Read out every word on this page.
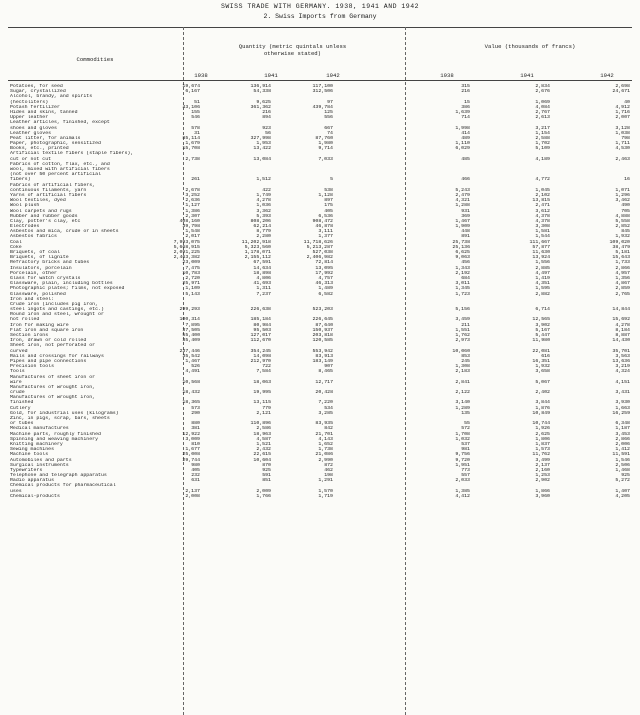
SWISS TRADE WITH GERMANY. 1938, 1941 AND 1942
2. Swiss Imports from Germany
Commodities
Quantity (metric quintals unless otherwise stated)
Value (thousands of francs)
1938	1941	1942	1938	1941	1942
Potatoes, for seed	19,674	136,914	117,100	315	2,834	2,698
Sugar, crystallized	6,167	54,338	312,506	216	2,676	24,671
Alcohol, brandy, and spirits
(hectoliters)	51	9,625	97	15	1,069	40
Potash fertilizer	43,106	361,362	439,784	386	4,084	4,912
Hides and skins, tanned	155	216	125	1,639	2,767	1,716
Upper leather	546	894	556	714	2,613	2,007
Leather articles, finished, except
shoes and gloves	578	923	667	1,998	3,217	3,128
Leather gloves	31	56	74	414	1,154	1,038
Peat litter, for animals	85,114	327,998	87,760	489	2,588	798
Paper, photographic, sensitized	1,679	1,953	1,980	1,110	1,702	1,711
Books, etc., printed	15,708	13,422	9,714	6,029	5,109	4,530
Artificial textile fibers (staple fibers),
cut or not cut	2,738	13,084	7,033	485	4,189	2,463
Fabrics of cotton, flax, etc., and
wool, mixed with artificial fibers
(not over 50 percent artificial
fibers)	261	1,512	5	466	4,772	16
Fabrics of artificial fibers,
continuous filaments, yarn	2,678	422	538	5,243	1,045	1,071
Yarns of artificial fibers	3,252	1,749	1,128	2,479	2,102	1,296
Wool textiles, dyed	2,636	4,278	897	4,321	13,815	3,462
Wool plush	1,127	1,036	175	1,288	2,471	490
Wool carpets and rugs	1,386	3,362	405	931	3,612	705
Rubber and rubber goods	2,307	5,393	6,536	369	4,378	4,888
Clay, potter's clay, etc	408,160	808,206	908,472	1,467	4,378	5,558
Electrodes	39,798	62,214	46,878	1,909	3,308	2,852
Asbestos and mica, crude or in sheets	1,548	8,779	3,111	448	1,581	845
Asbestos fabrics	2,017	2,280	1,377	891	1,544	1,932
Coal	7,993,075	11,202,918	11,718,626	25,738	111,667	109,020
Coke	5,668,915	5,323,560	5,213,287	25,136	57,877	38,479
Briquets, of coal	2,091,225	1,178,071	527,038	6,625	11,630	5,181
Briquets, of lignite	2,463,382	2,155,112	2,406,982	9,063	13,924	15,643
Refractory bricks and tubes	23,009	67,591	72,814	456	1,556	1,733
Insulators, porcelain	7,475	14,634	13,095	1,343	2,885	2,866
Porcelain, other	10,783	18,898	17,992	2,192	4,497	4,957
Glass for watch crystals	2,720	4,806	4,757	684	1,419	1,356
Glassware, plain, including bottles	25,971	41,693	46,313	3,011	4,351	4,867
Photographic plates; films, not exposed	1,109	1,311	1,489	1,345	1,595	2,859
Glassware, polished	5,143	7,237	6,582	1,723	2,882	2,765
Iron and steel:
Crude iron (includes pig iron,
steel ingots and castings, etc.)	299,293	226,638	523,203	5,156	6,714	14,844
Round iron and steel, wrought or
hot rolled	100,314	185,184	226,645	3,459	12,565	15,692
Iron for making wire	7,895	80,984	87,640	211	3,902	4,278
Flat iron and square iron	37,505	95,503	150,937	1,551	5,167	8,184
Section irons	55,400	127,017	203,818	1,762	5,447	8,887
Iron, drawn or cold rolled	35,409	112,670	120,585	2,973	11,980	14,430
Sheet iron, not perforated or
curved	237,446	354,245	553,942	10,060	22,081	35,701
Rails and crossings for railways	35,542	14,098	83,913	853	616	3,563
Pipes and pipe connections	1,467	212,970	183,149	245	16,351	13,636
Precision tools	526	722	907	1,308	1,932	3,219
Tools	4,491	7,584	8,465	2,183	3,658	4,324
Manufactures of sheet iron or
wire	10,568	18,063	12,717	2,841	5,067	4,151
Manufactures of wrought iron,
crude	18,432	19,995	20,428	2,122	2,402	3,431
Manufactures of wrought iron,
finished	18,365	13,115	7,220	3,140	3,844	3,930
Cutlery	573	779	534	1,289	1,876	1,663
Gold, for industrial uses (kilograms)	290	2,121	3,285	135	10,849	16,259
Zinc, in pigs, scrap, bars, sheets
or tubes	880	110,896	83,935	55	10,744	6,348
Medical manufactures	381	2,586	842	572	1,926	1,187
Machine parts, roughly finished	12,922	18,963	21,701	1,708	2,625	3,453
Spinning and weaving machinery	3,009	4,587	4,143	1,032	1,806	2,866
Knitting machinery	810	1,521	1,652	537	1,837	2,006
Sewing machines	1,677	2,432	1,738	981	1,573	1,412
Machine tools	25,008	22,615	21,086	9,756	11,762	11,591
Automobiles and parts	29,744	10,604	2,990	9,720	3,499	1,546
Surgical instruments	980	870	872	1,951	2,137	2,506
Typewriters	405	925	462	773	2,160	1,468
Telephone and telegraph apparatus	232	591	198	557	1,253	925
Radio apparatus	631	851	1,291	2,033	2,902	5,272
Chemical products for pharmaceutical
uses	2,137	2,009	1,570	1,385	1,866	1,407
Chemical-products	2,008	1,766	1,719	4,412	3,960	4,205
